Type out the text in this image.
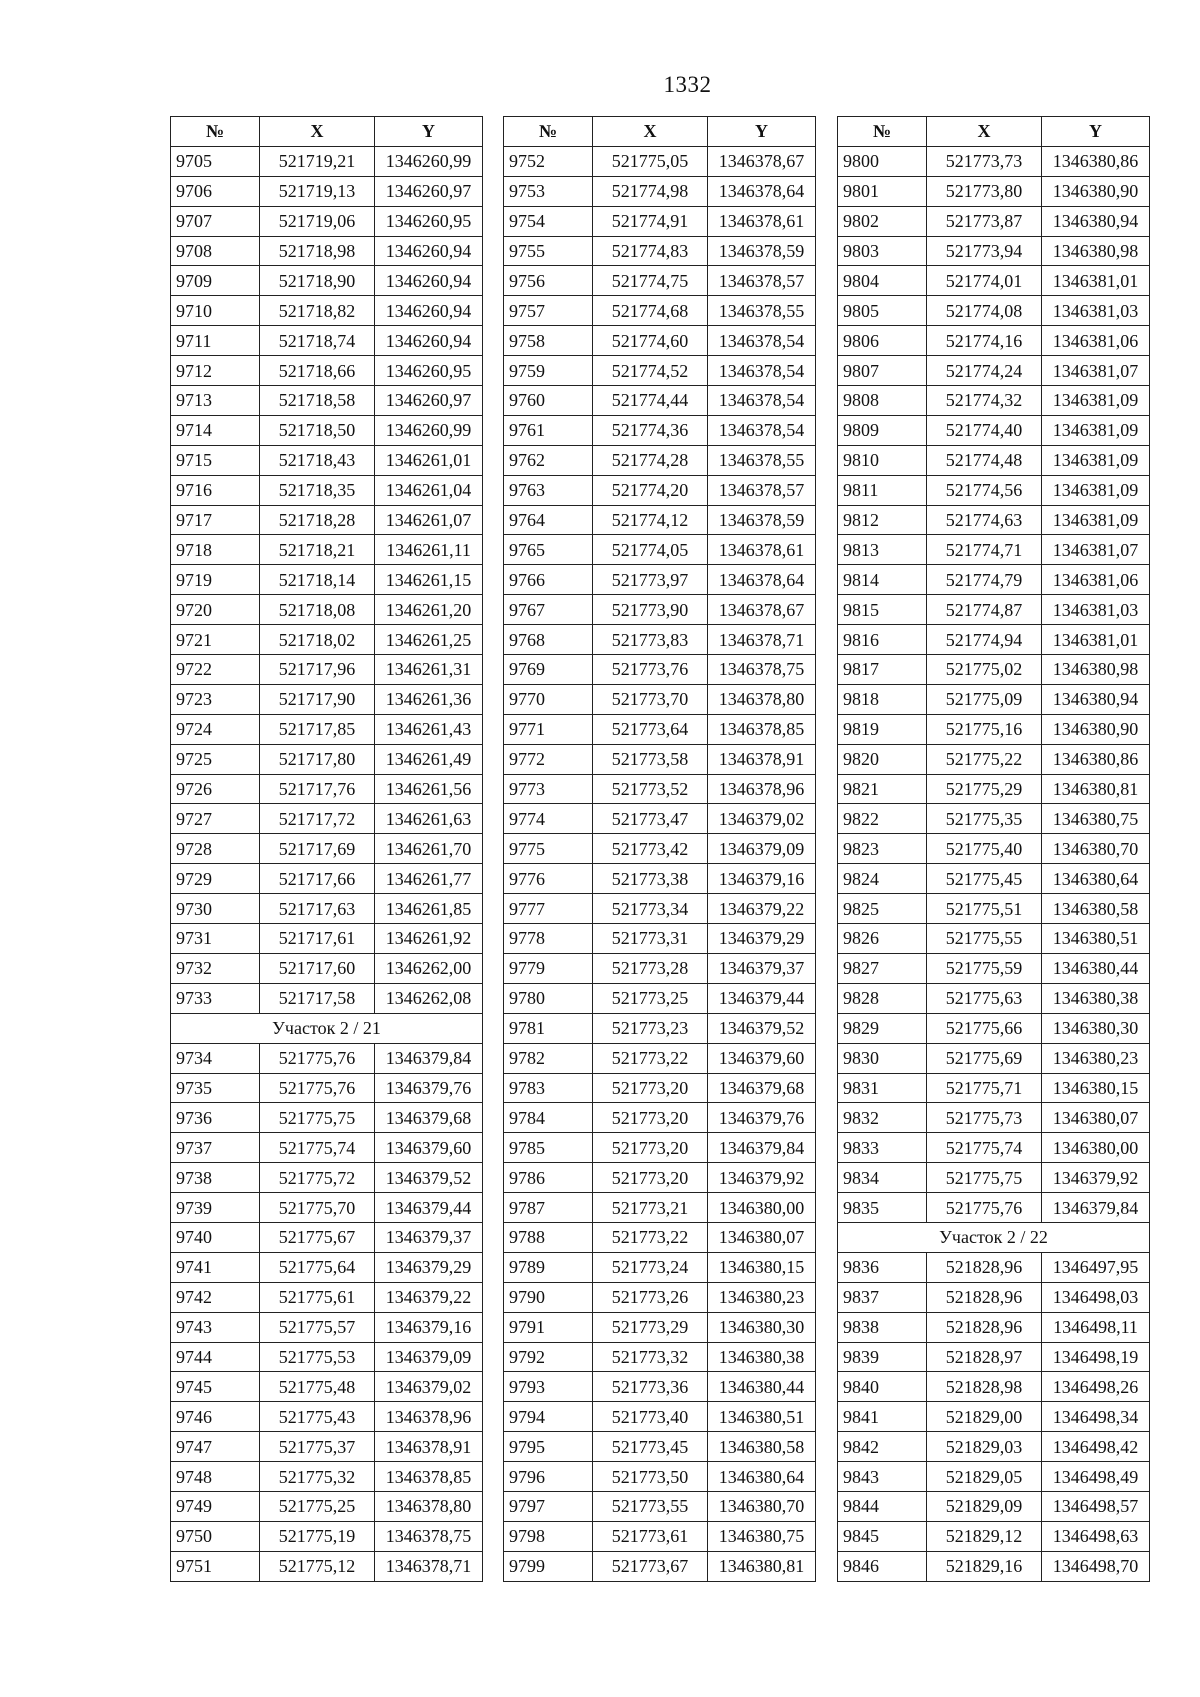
1332
№	X	Y
9705	521719,21	1346260,99
9706	521719,13	1346260,97
9707	521719,06	1346260,95
9708	521718,98	1346260,94
9709	521718,90	1346260,94
9710	521718,82	1346260,94
9711	521718,74	1346260,94
9712	521718,66	1346260,95
9713	521718,58	1346260,97
9714	521718,50	1346260,99
9715	521718,43	1346261,01
9716	521718,35	1346261,04
9717	521718,28	1346261,07
9718	521718,21	1346261,11
9719	521718,14	1346261,15
9720	521718,08	1346261,20
9721	521718,02	1346261,25
9722	521717,96	1346261,31
9723	521717,90	1346261,36
9724	521717,85	1346261,43
9725	521717,80	1346261,49
9726	521717,76	1346261,56
9727	521717,72	1346261,63
9728	521717,69	1346261,70
9729	521717,66	1346261,77
9730	521717,63	1346261,85
9731	521717,61	1346261,92
9732	521717,60	1346262,00
9733	521717,58	1346262,08
Участок 2 / 21		
9734	521775,76	1346379,84
9735	521775,76	1346379,76
9736	521775,75	1346379,68
9737	521775,74	1346379,60
9738	521775,72	1346379,52
9739	521775,70	1346379,44
9740	521775,67	1346379,37
9741	521775,64	1346379,29
9742	521775,61	1346379,22
9743	521775,57	1346379,16
9744	521775,53	1346379,09
9745	521775,48	1346379,02
9746	521775,43	1346378,96
9747	521775,37	1346378,91
9748	521775,32	1346378,85
9749	521775,25	1346378,80
9750	521775,19	1346378,75
9751	521775,12	1346378,71
№	X	Y
9752	521775,05	1346378,67
9753	521774,98	1346378,64
9754	521774,91	1346378,61
9755	521774,83	1346378,59
9756	521774,75	1346378,57
9757	521774,68	1346378,55
9758	521774,60	1346378,54
9759	521774,52	1346378,54
9760	521774,44	1346378,54
9761	521774,36	1346378,54
9762	521774,28	1346378,55
9763	521774,20	1346378,57
9764	521774,12	1346378,59
9765	521774,05	1346378,61
9766	521773,97	1346378,64
9767	521773,90	1346378,67
9768	521773,83	1346378,71
9769	521773,76	1346378,75
9770	521773,70	1346378,80
9771	521773,64	1346378,85
9772	521773,58	1346378,91
9773	521773,52	1346378,96
9774	521773,47	1346379,02
9775	521773,42	1346379,09
9776	521773,38	1346379,16
9777	521773,34	1346379,22
9778	521773,31	1346379,29
9779	521773,28	1346379,37
9780	521773,25	1346379,44
9781	521773,23	1346379,52
9782	521773,22	1346379,60
9783	521773,20	1346379,68
9784	521773,20	1346379,76
9785	521773,20	1346379,84
9786	521773,20	1346379,92
9787	521773,21	1346380,00
9788	521773,22	1346380,07
9789	521773,24	1346380,15
9790	521773,26	1346380,23
9791	521773,29	1346380,30
9792	521773,32	1346380,38
9793	521773,36	1346380,44
9794	521773,40	1346380,51
9795	521773,45	1346380,58
9796	521773,50	1346380,64
9797	521773,55	1346380,70
9798	521773,61	1346380,75
9799	521773,67	1346380,81
№	X	Y
9800	521773,73	1346380,86
9801	521773,80	1346380,90
9802	521773,87	1346380,94
9803	521773,94	1346380,98
9804	521774,01	1346381,01
9805	521774,08	1346381,03
9806	521774,16	1346381,06
9807	521774,24	1346381,07
9808	521774,32	1346381,09
9809	521774,40	1346381,09
9810	521774,48	1346381,09
9811	521774,56	1346381,09
9812	521774,63	1346381,09
9813	521774,71	1346381,07
9814	521774,79	1346381,06
9815	521774,87	1346381,03
9816	521774,94	1346381,01
9817	521775,02	1346380,98
9818	521775,09	1346380,94
9819	521775,16	1346380,90
9820	521775,22	1346380,86
9821	521775,29	1346380,81
9822	521775,35	1346380,75
9823	521775,40	1346380,70
9824	521775,45	1346380,64
9825	521775,51	1346380,58
9826	521775,55	1346380,51
9827	521775,59	1346380,44
9828	521775,63	1346380,38
9829	521775,66	1346380,30
9830	521775,69	1346380,23
9831	521775,71	1346380,15
9832	521775,73	1346380,07
9833	521775,74	1346380,00
9834	521775,75	1346379,92
9835	521775,76	1346379,84
Участок 2 / 22		
9836	521828,96	1346497,95
9837	521828,96	1346498,03
9838	521828,96	1346498,11
9839	521828,97	1346498,19
9840	521828,98	1346498,26
9841	521829,00	1346498,34
9842	521829,03	1346498,42
9843	521829,05	1346498,49
9844	521829,09	1346498,57
9845	521829,12	1346498,63
9846	521829,16	1346498,70
